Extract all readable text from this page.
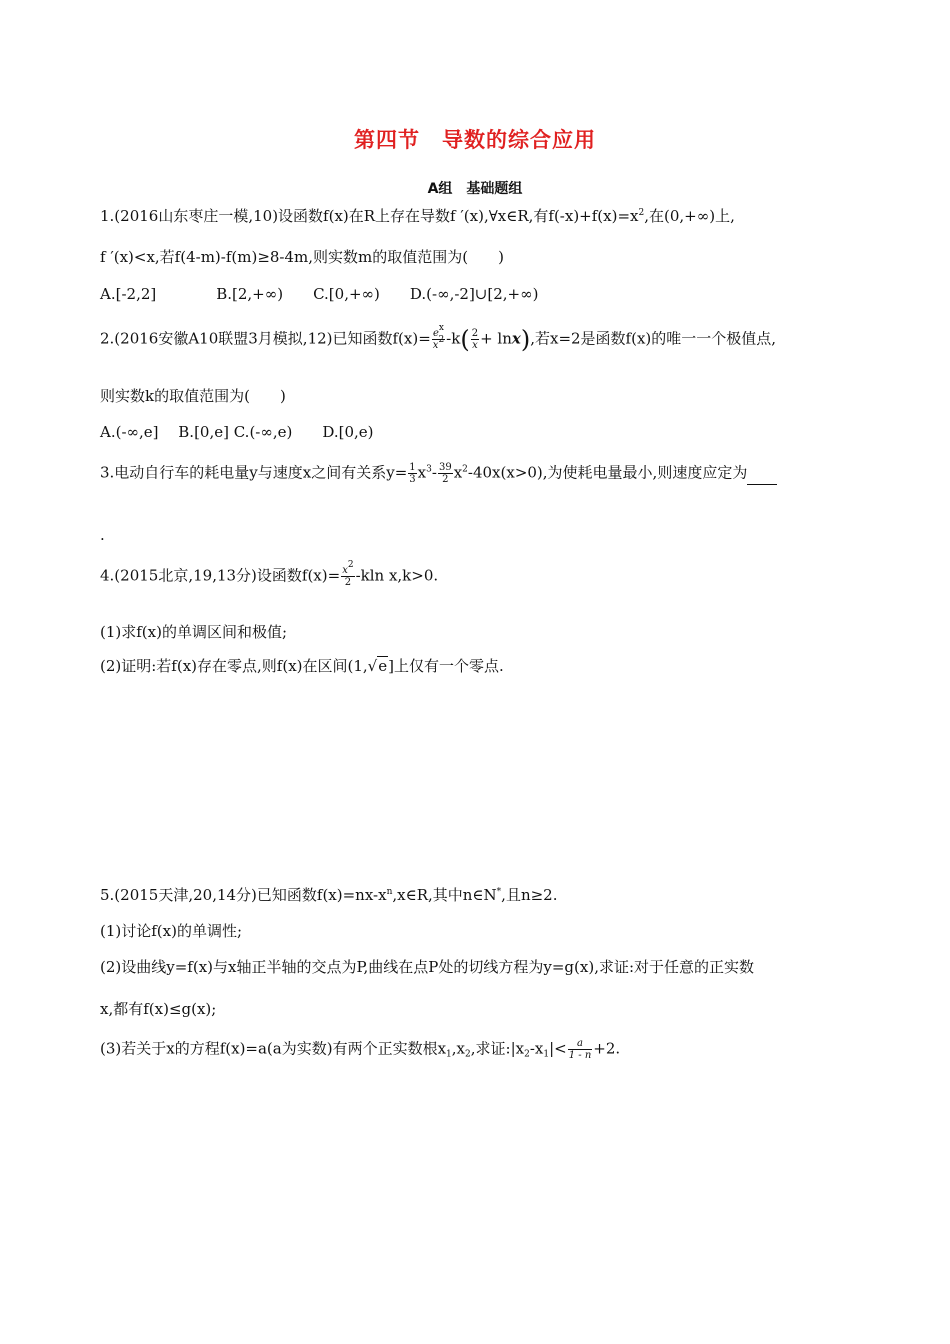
第四节　导数的综合应用
A组　基础题组
1.(2016山东枣庄一模,10)设函数f(x)在R上存在导数f ′(x),∀x∈R,有$f(-x)+f(x)=x^2$,在(0,+∞)上,
f ′(x)<x,若f(4-m)-f(m)≥8-4m,则实数m的取值范围为(　　)
A.[-2,2]　　　　B.[2,+∞)　　C.[0,+∞)　　D.(-∞,-2]∪[2,+∞)
2.(2016安徽A10联盟3月模拟,12)已知函数$f(x)= \frac{e^x}{x^2} -k( \frac{2}{x} + \ln x)$,若x=2是函数f(x)的唯一一个极值点,
则实数k的取值范围为(　　)
A.(-∞,e]　 B.[0,e] C.(-∞,e)　　D.[0,e)
3.电动自行车的耗电量y与速度x之间有关系$y= \frac{1}{3} x^3- \frac{39}{2} x^2-40x(x>0)$,为使耗电量最小,则速度应定为
.
4.(2015北京,19,13分)设函数$f(x)= \frac{x^2}{2} -kln$ x,k>0.
(1)求f(x)的单调区间和极值;
(2)证明:若f(x)存在零点,则f(x)在区间(1,√e]上仅有一个零点.
5.(2015天津,20,14分)已知函数$f(x)=nx-x^n,x\in R$,其中n∈N*,且n≥2.
(1)讨论f(x)的单调性;
(2)设曲线y=f(x)与x轴正半轴的交点为P,曲线在点P处的切线方程为y=g(x),求证:对于任意的正实数
x,都有f(x)≤g(x);
(3)若关于x的方程f(x)=a(a为实数)有两个正实数根$x_1,x_2$,求证$:|x_2-x_1|< \frac{a}{1 - n} +2$.
